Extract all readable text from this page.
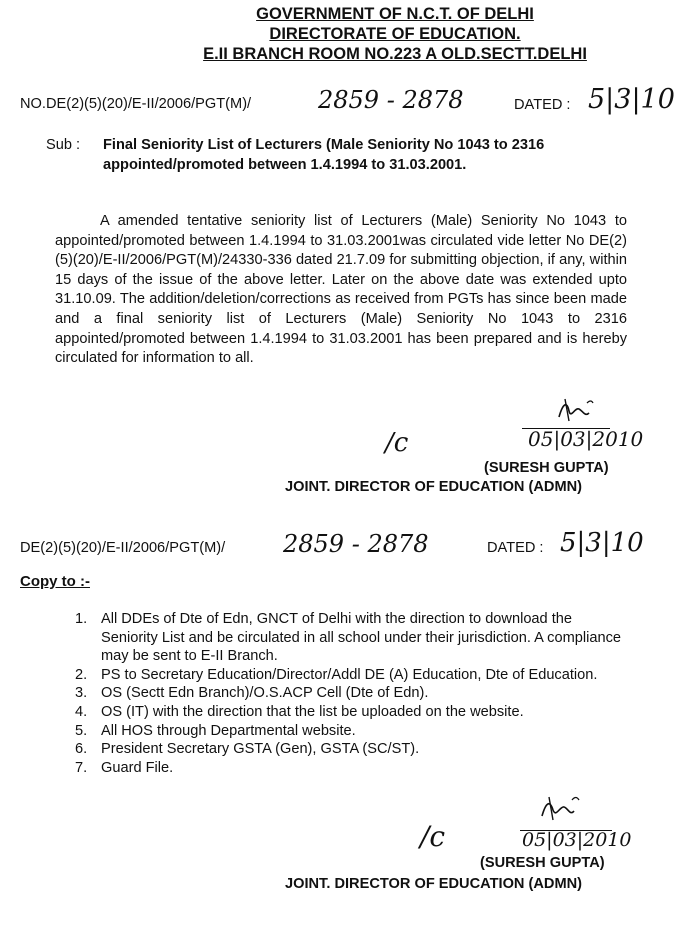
GOVERNMENT OF N.C.T. OF DELHI
DIRECTORATE OF EDUCATION.
E.II BRANCH ROOM NO.223 A OLD.SECTT.DELHI
NO.DE(2)(5)(20)/E-II/2006/PGT(M)/	2859 - 2878	DATED : 5|3|10
Sub : Final Seniority List of Lecturers (Male Seniority No 1043 to 2316
appointed/promoted between 1.4.1994 to 31.03.2001.

A amended tentative seniority list of Lecturers (Male) Seniority No 1043 to appointed/promoted between 1.4.1994 to 31.03.2001was circulated vide letter No DE(2)(5)(20)/E-II/2006/PGT(M)/24330-336 dated 21.7.09 for submitting objection, if any, within 15 days of the issue of the above letter. Later on the above date was extended upto 31.10.09. The addition/deletion/corrections as received from PGTs has since been made and a final seniority list of Lecturers (Male) Seniority No 1043 to 2316 appointed/promoted between 1.4.1994 to 31.03.2001 has been prepared and is hereby circulated for information to all.

05|03|2010
/c
(SURESH GUPTA)
JOINT. DIRECTOR OF EDUCATION (ADMN)
DE(2)(5)(20)/E-II/2006/PGT(M)/ 2859 - 2878	DATED : 5|3|10
Copy to :-
1. All DDEs of Dte of Edn, GNCT of Delhi with the direction to download the Seniority List and be circulated in all school under their jurisdiction. A compliance may be sent to E-II Branch.
2. PS to Secretary Education/Director/Addl DE (A) Education, Dte of Education.
3. OS (Sectt Edn Branch)/O.S.ACP Cell (Dte of Edn).
4. OS (IT) with the direction that the list be uploaded on the website.
5. All HOS through Departmental website.
6. President Secretary GSTA (Gen), GSTA (SC/ST).
7. Guard File.
05|03|2010
/c
(SURESH GUPTA)
JOINT. DIRECTOR OF EDUCATION (ADMN)
